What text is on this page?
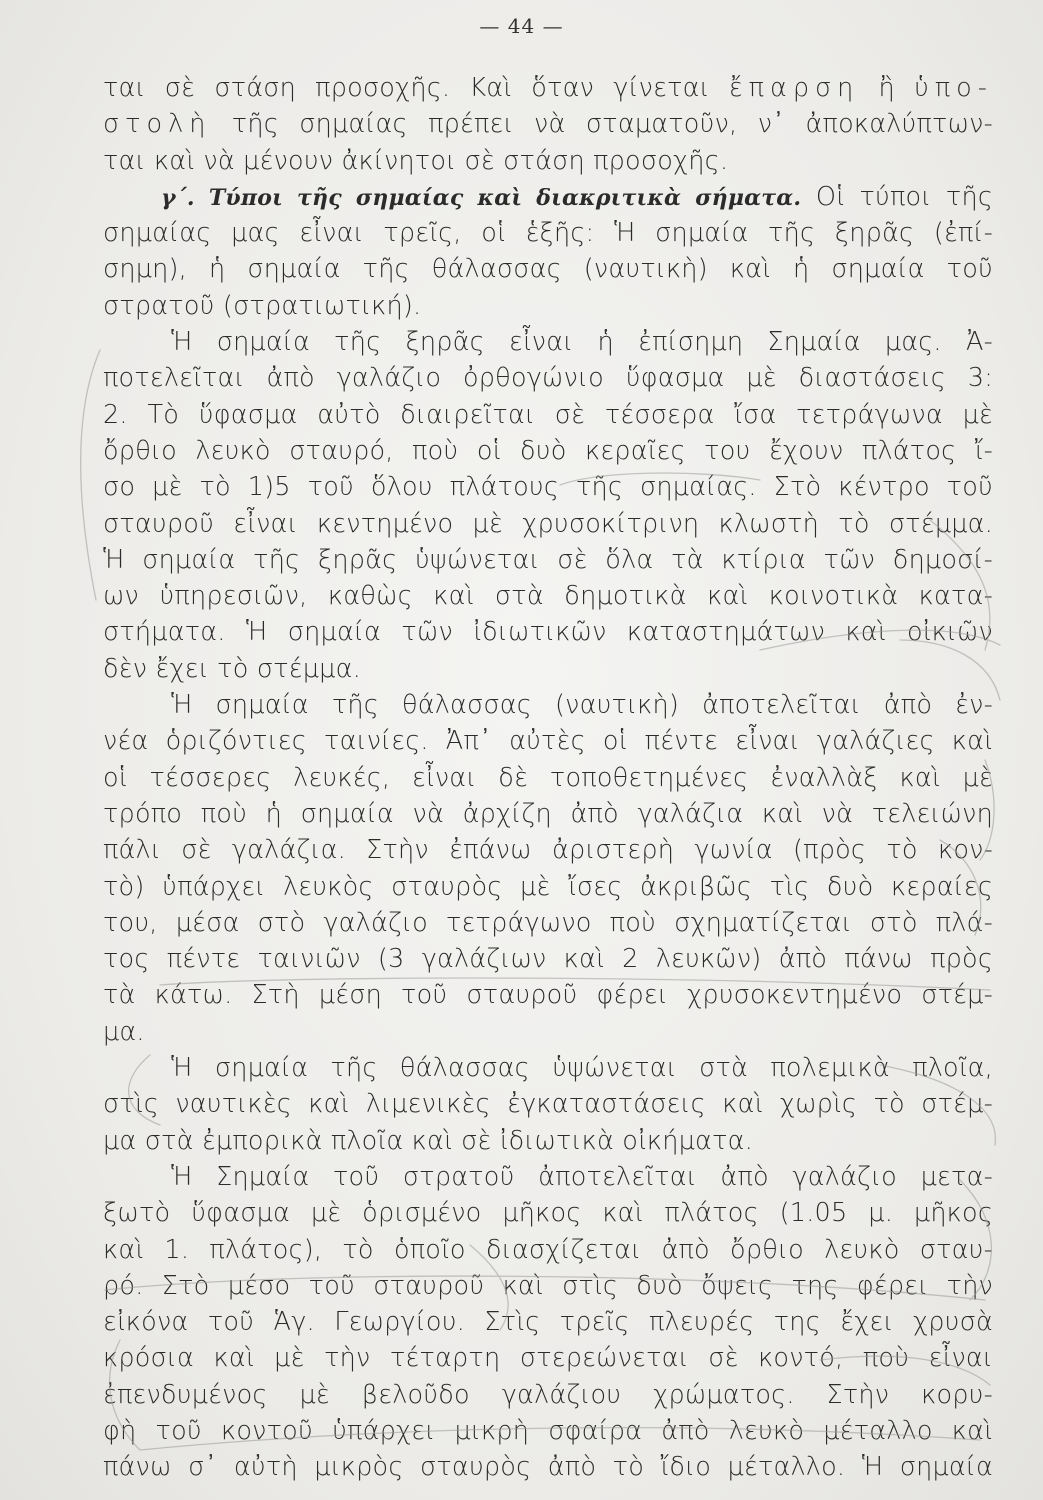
— 44 —
ται σὲ στάση προσοχῆς. Καὶ ὅταν γίνεται ἔπαρση ἢ ὑπο-
στολὴ τῆς σημαίας πρέπει νὰ σταματοῦν, ν᾽ ἀποκαλύπτων-
ται καὶ νὰ μένουν ἀκίνητοι σὲ στάση προσοχῆς.
γ΄. Τύποι τῆς σημαίας καὶ διακριτικὰ σήματα. Οἱ τύποι τῆς
σημαίας μας εἶναι τρεῖς, οἱ ἑξῆς: Ἡ σημαία τῆς ξηρᾶς (ἐπί-
σημη), ἡ σημαία τῆς θάλασσας (ναυτικὴ) καὶ ἡ σημαία τοῦ
στρατοῦ (στρατιωτική).
Ἡ σημαία τῆς ξηρᾶς εἶναι ἡ ἐπίσημη Σημαία μας. Ἀ-
ποτελεῖται ἀπὸ γαλάζιο ὀρθογώνιο ὕφασμα μὲ διαστάσεις 3:
2. Τὸ ὕφασμα αὐτὸ διαιρεῖται σὲ τέσσερα ἴσα τετράγωνα μὲ
ὄρθιο λευκὸ σταυρό, ποὺ οἱ δυὸ κεραῖες του ἔχουν πλάτος ἴ-
σο μὲ τὸ 1)5 τοῦ ὅλου πλάτους τῆς σημαίας. Στὸ κέντρο τοῦ
σταυροῦ εἶναι κεντημένο μὲ χρυσοκίτρινη κλωστὴ τὸ στέμμα.
Ἡ σημαία τῆς ξηρᾶς ὑψώνεται σὲ ὅλα τὰ κτίρια τῶν δημοσί-
ων ὑπηρεσιῶν, καθὼς καὶ στὰ δημοτικὰ καὶ κοινοτικὰ κατα-
στήματα. Ἡ σημαία τῶν ἰδιωτικῶν καταστημάτων καὶ οἰκιῶν
δὲν ἔχει τὸ στέμμα.
Ἡ σημαία τῆς θάλασσας (ναυτικὴ) ἀποτελεῖται ἀπὸ ἐν-
νέα ὁριζόντιες ταινίες. Ἀπ᾽ αὐτὲς οἱ πέντε εἶναι γαλάζιες καὶ
οἱ τέσσερες λευκές, εἶναι δὲ τοποθετημένες ἐναλλὰξ καὶ μὲ
τρόπο ποὺ ἡ σημαία νὰ ἀρχίζη ἀπὸ γαλάζια καὶ νὰ τελειώνη
πάλι σὲ γαλάζια. Στὴν ἐπάνω ἀριστερὴ γωνία (πρὸς τὸ κον-
τὸ) ὑπάρχει λευκὸς σταυρὸς μὲ ἴσες ἀκριβῶς τὶς δυὸ κεραίες
του, μέσα στὸ γαλάζιο τετράγωνο ποὺ σχηματίζεται στὸ πλά-
τος πέντε ταινιῶν (3 γαλάζιων καὶ 2 λευκῶν) ἀπὸ πάνω πρὸς
τὰ κάτω. Στὴ μέση τοῦ σταυροῦ φέρει χρυσοκεντημένο στέμ-
μα.
Ἡ σημαία τῆς θάλασσας ὑψώνεται στὰ πολεμικὰ πλοῖα,
στὶς ναυτικὲς καὶ λιμενικὲς ἐγκαταστάσεις καὶ χωρὶς τὸ στέμ-
μα στὰ ἐμπορικὰ πλοῖα καὶ σὲ ἰδιωτικὰ οἰκήματα.
Ἡ Σημαία τοῦ στρατοῦ ἀποτελεῖται ἀπὸ γαλάζιο μετα-
ξωτὸ ὕφασμα μὲ ὁρισμένο μῆκος καὶ πλάτος (1.05 μ. μῆκος
καὶ 1. πλάτος), τὸ ὁποῖο διασχίζεται ἀπὸ ὄρθιο λευκὸ σταυ-
ρό. Στὸ μέσο τοῦ σταυροῦ καὶ στὶς δυὸ ὄψεις της φέρει τὴν
εἰκόνα τοῦ Ἁγ. Γεωργίου. Στὶς τρεῖς πλευρές της ἔχει χρυσὰ
κρόσια καὶ μὲ τὴν τέταρτη στερεώνεται σὲ κοντό, ποὺ εἶναι
ἐπενδυμένος μὲ βελοῦδο γαλάζιου χρώματος. Στὴν κορυ-
φὴ τοῦ κοντοῦ ὑπάρχει μικρὴ σφαίρα ἀπὸ λευκὸ μέταλλο καὶ
πάνω σ᾽ αὐτὴ μικρὸς σταυρὸς ἀπὸ τὸ ἴδιο μέταλλο. Ἡ σημαία
